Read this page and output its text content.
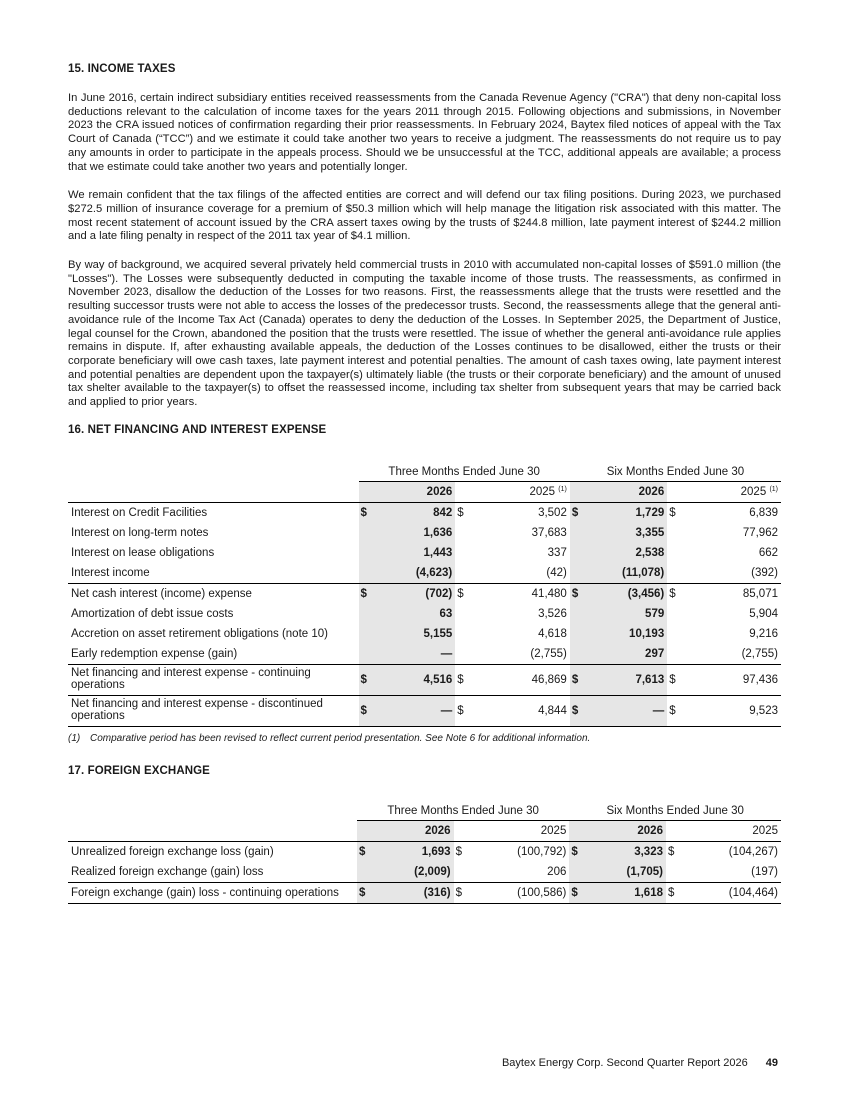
15. INCOME TAXES

In June 2016, certain indirect subsidiary entities received reassessments from the Canada Revenue Agency ("CRA") that deny non-capital loss deductions relevant to the calculation of income taxes for the years 2011 through 2015. Following objections and submissions, in November 2023 the CRA issued notices of confirmation regarding their prior reassessments. In February 2024, Baytex filed notices of appeal with the Tax Court of Canada (“TCC”) and we estimate it could take another two years to receive a judgment. The reassessments do not require us to pay any amounts in order to participate in the appeals process. Should we be unsuccessful at the TCC, additional appeals are available; a process that we estimate could take another two years and potentially longer.

We remain confident that the tax filings of the affected entities are correct and will defend our tax filing positions. During 2023, we purchased $272.5 million of insurance coverage for a premium of $50.3 million which will help manage the litigation risk associated with this matter. The most recent statement of account issued by the CRA assert taxes owing by the trusts of $244.8 million, late payment interest of $244.2 million and a late filing penalty in respect of the 2011 tax year of $4.1 million.

By way of background, we acquired several privately held commercial trusts in 2010 with accumulated non-capital losses of $591.0 million (the "Losses"). The Losses were subsequently deducted in computing the taxable income of those trusts. The reassessments, as confirmed in November 2023, disallow the deduction of the Losses for two reasons. First, the reassessments allege that the trusts were resettled and the resulting successor trusts were not able to access the losses of the predecessor trusts. Second, the reassessments allege that the general anti-avoidance rule of the Income Tax Act (Canada) operates to deny the deduction of the Losses. In September 2025, the Department of Justice, legal counsel for the Crown, abandoned the position that the trusts were resettled. The issue of whether the general anti-avoidance rule applies remains in dispute. If, after exhausting available appeals, the deduction of the Losses continues to be disallowed, either the trusts or their corporate beneficiary will owe cash taxes, late payment interest and potential penalties. The amount of cash taxes owing, late payment interest and potential penalties are dependent upon the taxpayer(s) ultimately liable (the trusts or their corporate beneficiary) and the amount of unused tax shelter available to the taxpayer(s) to offset the reassessed income, including tax shelter from subsequent years that may be carried back and applied to prior years.

16. NET FINANCING AND INTEREST EXPENSE
	Three Months Ended June 30				Six Months Ended June 30			
		2026		2025 $^{(1)}$		2026		2025 $^{(1)}$
Interest on Credit Facilities	$	842	$	3,502	$	1,729	$	6,839
Interest on long-term notes		1,636		37,683		3,355		77,962
Interest on lease obligations		1,443		337		2,538		662
Interest income		(4,623)		(42)		(11,078)		(392)
Net cash interest (income) expense	$	(702)	$	41,480	$	(3,456)	$	85,071
Amortization of debt issue costs		63		3,526		579		5,904
Accretion on asset retirement obligations (note 10)		5,155		4,618		10,193		9,216
Early redemption expense (gain)		—		(2,755)		297		(2,755)
Net financing and interest expense - continuing operations	$	4,516	$	46,869	$	7,613	$	97,436
Net financing and interest expense - discontinued operations	$	—	$	4,844	$	—	$	9,523
(1) Comparative period has been revised to reflect current period presentation. See Note 6 for additional information.
17. FOREIGN EXCHANGE
	Three Months Ended June 30				Six Months Ended June 30			
		2026		2025		2026		2025
Unrealized foreign exchange loss (gain)	$	1,693	$	(100,792)	$	3,323	$	(104,267)
Realized foreign exchange (gain) loss		(2,009)		206		(1,705)		(197)
Foreign exchange (gain) loss - continuing operations	$	(316)	$	(100,586)	$	1,618	$	(104,464)
Baytex Energy Corp. Second Quarter Report 2026 49
